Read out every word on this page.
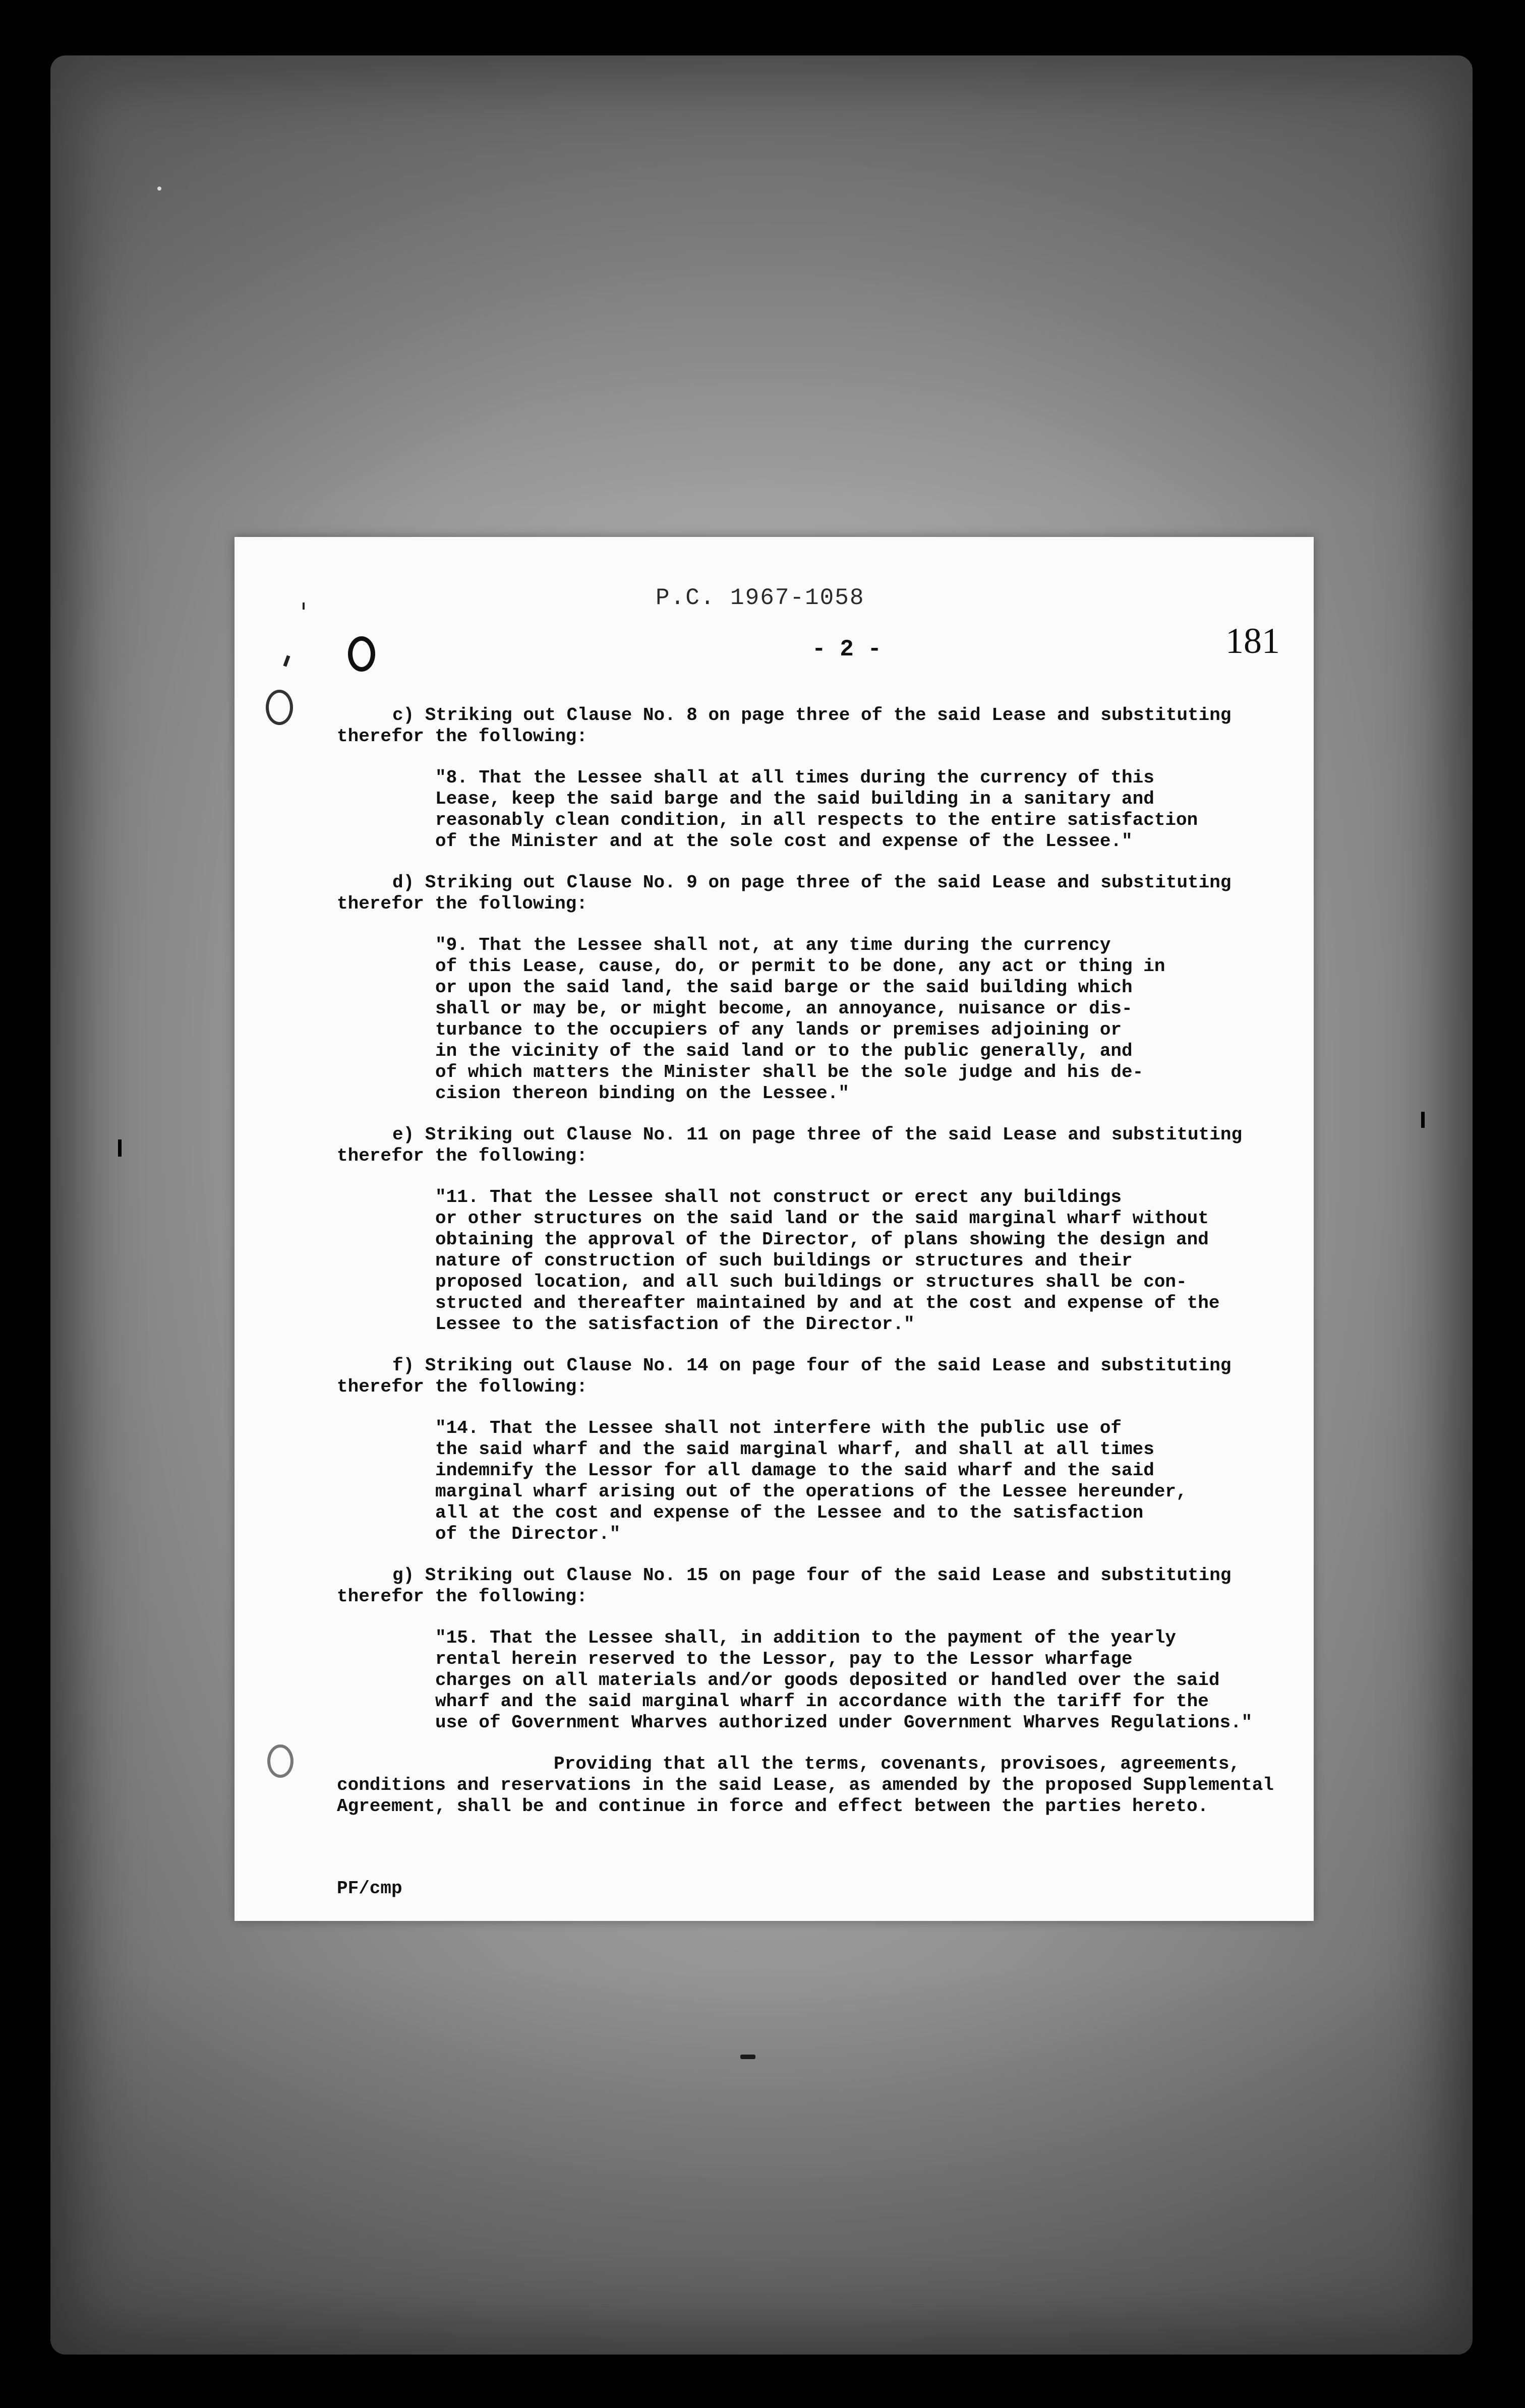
P.C. 1967-1058
- 2 -	181
c) Striking out Clause No. 8 on page three of the said Lease and substituting
therefor the following:
"8. That the Lessee shall at all times during the currency of this
Lease, keep the said barge and the said building in a sanitary and
reasonably clean condition, in all respects to the entire satisfaction
of the Minister and at the sole cost and expense of the Lessee."
d) Striking out Clause No. 9 on page three of the said Lease and substituting
therefor the following:
"9. That the Lessee shall not, at any time during the currency
of this Lease, cause, do, or permit to be done, any act or thing in
or upon the said land, the said barge or the said building which
shall or may be, or might become, an annoyance, nuisance or dis-
turbance to the occupiers of any lands or premises adjoining or
in the vicinity of the said land or to the public generally, and
of which matters the Minister shall be the sole judge and his de-
cision thereon binding on the Lessee."
e) Striking out Clause No. 11 on page three of the said Lease and substituting
therefor the following:
"11. That the Lessee shall not construct or erect any buildings
or other structures on the said land or the said marginal wharf without
obtaining the approval of the Director, of plans showing the design and
nature of construction of such buildings or structures and their
proposed location, and all such buildings or structures shall be con-
structed and thereafter maintained by and at the cost and expense of the
Lessee to the satisfaction of the Director."
f) Striking out Clause No. 14 on page four of the said Lease and substituting
therefor the following:
"14. That the Lessee shall not interfere with the public use of
the said wharf and the said marginal wharf, and shall at all times
indemnify the Lessor for all damage to the said wharf and the said
marginal wharf arising out of the operations of the Lessee hereunder,
all at the cost and expense of the Lessee and to the satisfaction
of the Director."
g) Striking out Clause No. 15 on page four of the said Lease and substituting
therefor the following:
"15. That the Lessee shall, in addition to the payment of the yearly
rental herein reserved to the Lessor, pay to the Lessor wharfage
charges on all materials and/or goods deposited or handled over the said
wharf and the said marginal wharf in accordance with the tariff for the
use of Government Wharves authorized under Government Wharves Regulations."
Providing that all the terms, covenants, provisoes, agreements,
conditions and reservations in the said Lease, as amended by the proposed Supplemental
Agreement, shall be and continue in force and effect between the parties hereto.
PF/cmp
